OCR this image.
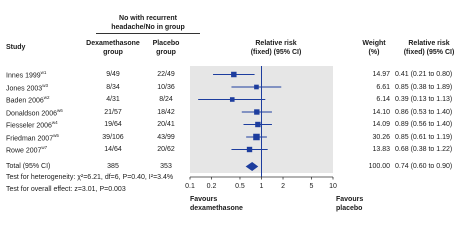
No with recurrent
headache/No in group
Study
Dexamethasone
group
Placebo
group
Relative risk
(fixed) (95% CI)
Weight
(%)
Relative risk
(fixed) (95% CI)
Innes $1999^{w1}$	9/49	22/49	14.97 0.41 (0.21 to 0.80)
Jones $2003^{w3}$	8/34	10/36	6.61 0.85 (0.38 to 1.89)
Baden $2006^{w2}$	4/31	8/24	6.14 0.39 (0.13 to 1.13)
Donaldson $2006^{w6}$	21/57	18/42	14.10 0.86 (0.53 to 1.40)
Fiesseler $2006^{w4}$	19/64	20/41	14.09 0.89 (0.56 to 1.40)
Friedman $2007^{w5}$	39/106	43/99	30.26 0.85 (0.61 to 1.19)
Rowe $2007^{w7}$	14/64	20/62	13.83 0.68 (0.38 to 1.22)
Total (95% CI)	385	353	100.00 0.74 (0.60 to 0.90)
Test for heterogeneity: χ²=6.21, df=6, P=0.40, I²=3.4%
Test for overall effect: z=3.01, P=0.003
Favours
dexamethasone
Favours
placebo
0.1 0.2	0.5 1	2	5 10
